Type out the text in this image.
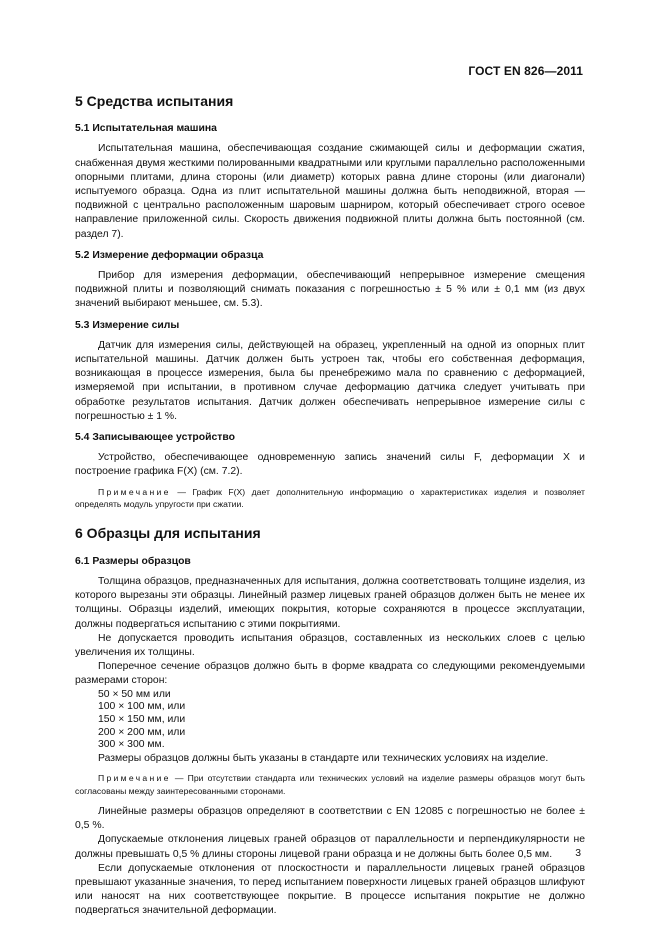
ГОСТ EN 826—2011
5 Средства испытания
5.1 Испытательная машина

Испытательная машина, обеспечивающая создание сжимающей силы и деформации сжатия, снабженная двумя жесткими полированными квадратными или круглыми параллельно расположенными опорными плитами, длина стороны (или диаметр) которых равна длине стороны (или диагонали) испытуемого образца. Одна из плит испытательной машины должна быть неподвижной, вторая — подвижной с центрально расположенным шаровым шарниром, который обеспечивает строго осевое направление приложенной силы. Скорость движения подвижной плиты должна быть постоянной (см. раздел 7).

5.2 Измерение деформации образца

Прибор для измерения деформации, обеспечивающий непрерывное измерение смещения подвижной плиты и позволяющий снимать показания с погрешностью ± 5 % или ± 0,1 мм (из двух значений выбирают меньшее, см. 5.3).

5.3 Измерение силы

Датчик для измерения силы, действующей на образец, укрепленный на одной из опорных плит испытательной машины. Датчик должен быть устроен так, чтобы его собственная деформация, возникающая в процессе измерения, была бы пренебрежимо мала по сравнению с деформацией, измеряемой при испытании, в противном случае деформацию датчика следует учитывать при обработке результатов испытания. Датчик должен обеспечивать непрерывное измерение силы с погрешностью ± 1 %.

5.4 Записывающее устройство

Устройство, обеспечивающее одновременную запись значений силы F, деформации X и построение графика F(X) (см. 7.2).

Примечание — График F(X) дает дополнительную информацию о характеристиках изделия и позволяет определять модуль упругости при сжатии.
6 Образцы для испытания
6.1 Размеры образцов

Толщина образцов, предназначенных для испытания, должна соответствовать толщине изделия, из которого вырезаны эти образцы. Линейный размер лицевых граней образцов должен быть не менее их толщины. Образцы изделий, имеющих покрытия, которые сохраняются в процессе эксплуатации, должны подвергаться испытанию с этими покрытиями.

Не допускается проводить испытания образцов, составленных из нескольких слоев с целью увеличения их толщины.

Поперечное сечение образцов должно быть в форме квадрата со следующими рекомендуемыми размерами сторон:

50 × 50 мм или
100 × 100 мм, или
150 × 150 мм, или
200 × 200 мм, или
300 × 300 мм.

Размеры образцов должны быть указаны в стандарте или технических условиях на изделие.

Примечание — При отсутствии стандарта или технических условий на изделие размеры образцов могут быть согласованы между заинтересованными сторонами.

Линейные размеры образцов определяют в соответствии с EN 12085 с погрешностью не более ± 0,5 %.

Допускаемые отклонения лицевых граней образцов от параллельности и перпендикулярности не должны превышать 0,5 % длины стороны лицевой грани образца и не должны быть более 0,5 мм.

Если допускаемые отклонения от плоскостности и параллельности лицевых граней образцов превышают указанные значения, то перед испытанием поверхности лицевых граней образцов шлифуют или наносят на них соответствующее покрытие. В процессе испытания покрытие не должно подвергаться значительной деформации.

3
